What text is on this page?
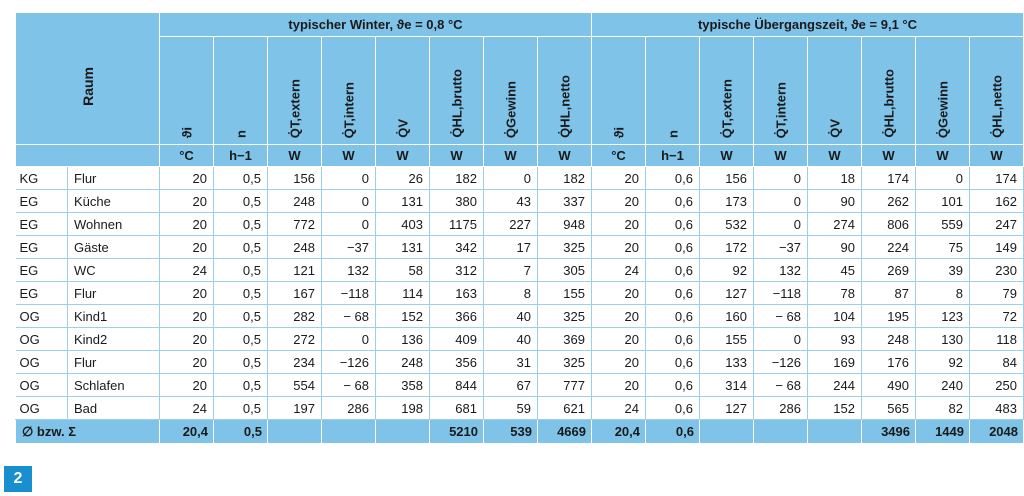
Raum		typischer Winter, ϑe = 0,8 °C								typische Übergangszeit, ϑe = 9,1 °C							

		ϑi	n	Q̇T,extern	Q̇T,intern	Q̇V	Q̇HL,brutto	Q̇Gewinn	Q̇HL,netto	ϑi	n	Q̇T,extern	Q̇T,intern	Q̇V	Q̇HL,brutto	Q̇Gewinn	Q̇HL,netto

		°C	h−1	W	W	W	W	W	W	°C	h−1	W	W	W	W	W	W
KG	Flur	20	0,5	156	0	26	182	0	182	20	0,6	156	0	18	174	0	174
EG	Küche	20	0,5	248	0	131	380	43	337	20	0,6	173	0	90	262	101	162
EG	Wohnen	20	0,5	772	0	403	1175	227	948	20	0,6	532	0	274	806	559	247
EG	Gäste	20	0,5	248	−37	131	342	17	325	20	0,6	172	−37	90	224	75	149
EG	WC	24	0,5	121	132	58	312	7	305	24	0,6	92	132	45	269	39	230
EG	Flur	20	0,5	167	−118	114	163	8	155	20	0,6	127	−118	78	87	8	79
OG	Kind1	20	0,5	282	− 68	152	366	40	325	20	0,6	160	− 68	104	195	123	72
OG	Kind2	20	0,5	272	0	136	409	40	369	20	0,6	155	0	93	248	130	118
OG	Flur	20	0,5	234	−126	248	356	31	325	20	0,6	133	−126	169	176	92	84
OG	Schlafen	20	0,5	554	− 68	358	844	67	777	20	0,6	314	− 68	244	490	240	250
OG	Bad	24	0,5	197	286	198	681	59	621	24	0,6	127	286	152	565	82	483
∅ bzw. Σ		20,4	0,5				5210	539	4669	20,4	0,6				3496	1449	2048
2
